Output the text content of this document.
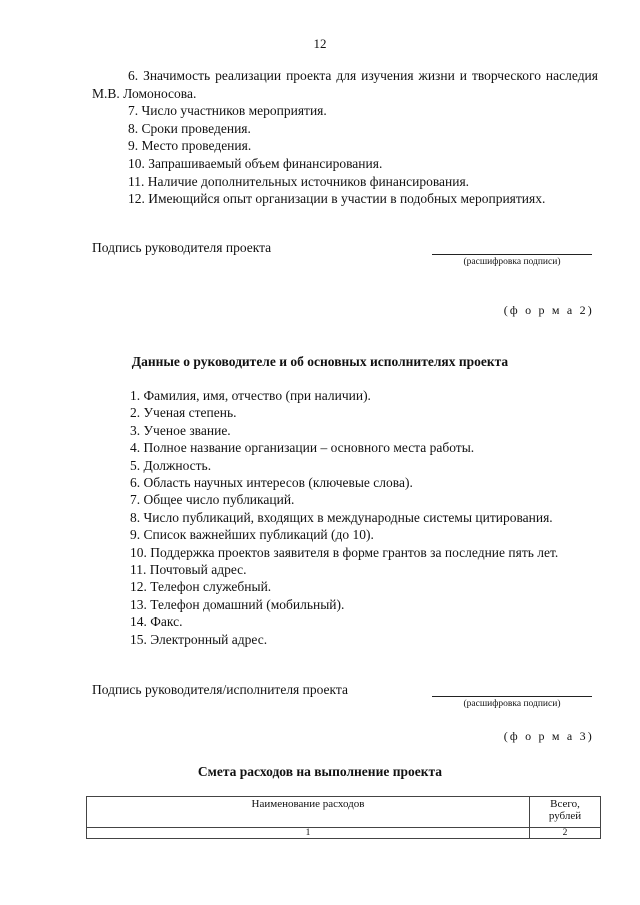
12
6. Значимость реализации проекта для изучения жизни и творческого наследия М.В. Ломоносова.
7. Число участников мероприятия.
8. Сроки проведения.
9. Место проведения.
10. Запрашиваемый объем финансирования.
11. Наличие дополнительных источников финансирования.
12. Имеющийся опыт организации в участии в подобных мероприятиях.
Подпись руководителя проекта
(расшифровка подписи)
(ф о р м а 2)
Данные о руководителе и об основных исполнителях проекта
1. Фамилия, имя, отчество (при наличии).
2. Ученая степень.
3. Ученое звание.
4. Полное название организации – основного места работы.
5. Должность.
6. Область научных интересов (ключевые слова).
7. Общее число публикаций.
8. Число публикаций, входящих в международные системы цитирования.
9. Список важнейших публикаций (до 10).
10. Поддержка проектов заявителя в форме грантов за последние пять лет.
11. Почтовый адрес.
12. Телефон служебный.
13. Телефон домашний (мобильный).
14. Факс.
15. Электронный адрес.
Подпись руководителя/исполнителя проекта
(расшифровка подписи)
(ф о р м а 3)
Смета расходов на выполнение проекта
Наименование расходов	Всего, рублей
1	2
